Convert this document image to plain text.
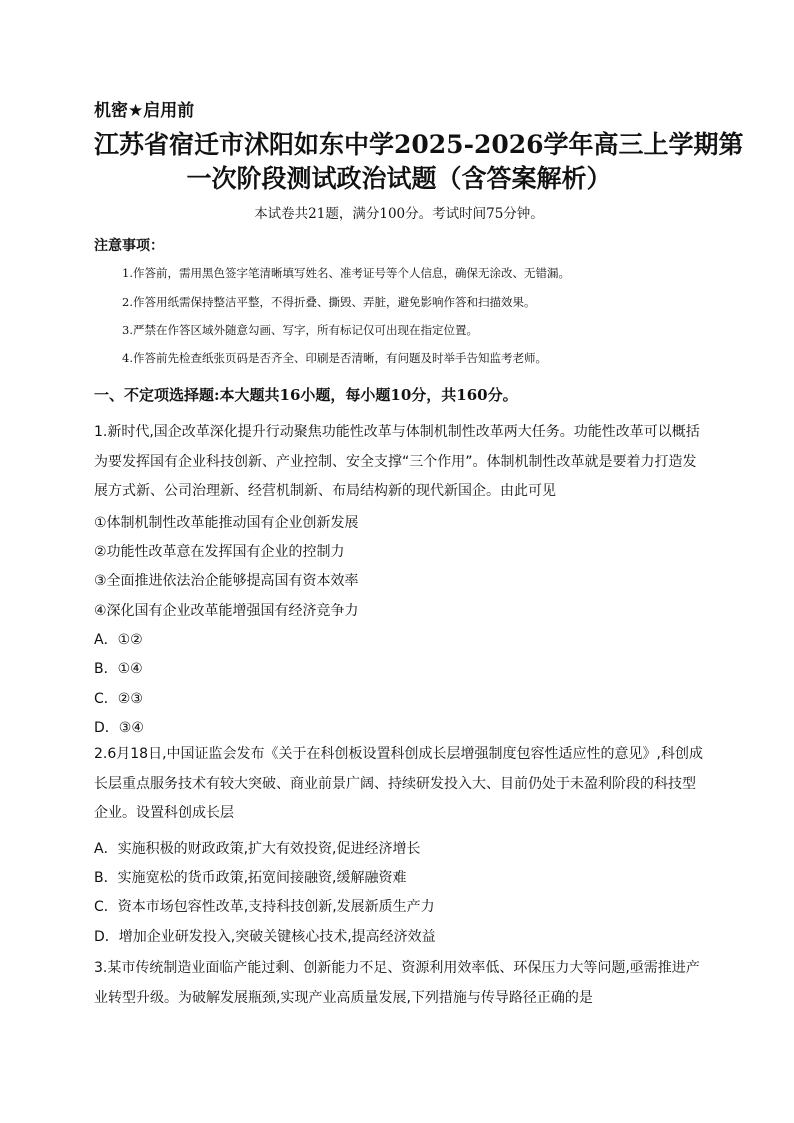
机密★启用前
江苏省宿迁市沭阳如东中学2025-2026学年高三上学期第
一次阶段测试政治试题（含答案解析）
本试卷共21题，满分100分。考试时间75分钟。
注意事项：
1.作答前，需用黑色签字笔清晰填写姓名、准考证号等个人信息，确保无涂改、无错漏。
2.作答用纸需保持整洁平整，不得折叠、撕毁、弄脏，避免影响作答和扫描效果。
3.严禁在作答区域外随意勾画、写字，所有标记仅可出现在指定位置。
4.作答前先检查纸张页码是否齐全、印刷是否清晰，有问题及时举手告知监考老师。
一、不定项选择题:本大题共16小题，每小题10分，共160分。
1.新时代,国企改革深化提升行动聚焦功能性改革与体制机制性改革两大任务。功能性改革可以概括为要发挥国有企业科技创新、产业控制、安全支撑“三个作用”。体制机制性改革就是要着力打造发展方式新、公司治理新、经营机制新、布局结构新的现代新国企。由此可见
①体制机制性改革能推动国有企业创新发展
②功能性改革意在发挥国有企业的控制力
③全面推进依法治企能够提高国有资本效率
④深化国有企业改革能增强国有经济竞争力
A．①②
B．①④
C．②③
D．③④
2.6月18日,中国证监会发布《关于在科创板设置科创成长层增强制度包容性适应性的意见》,科创成长层重点服务技术有较大突破、商业前景广阔、持续研发投入大、目前仍处于未盈利阶段的科技型企业。设置科创成长层
A．实施积极的财政政策,扩大有效投资,促进经济增长
B．实施宽松的货币政策,拓宽间接融资,缓解融资难
C．资本市场包容性改革,支持科技创新,发展新质生产力
D．增加企业研发投入,突破关键核心技术,提高经济效益
3.某市传统制造业面临产能过剩、创新能力不足、资源利用效率低、环保压力大等问题,亟需推进产业转型升级。为破解发展瓶颈,实现产业高质量发展,下列措施与传导路径正确的是
